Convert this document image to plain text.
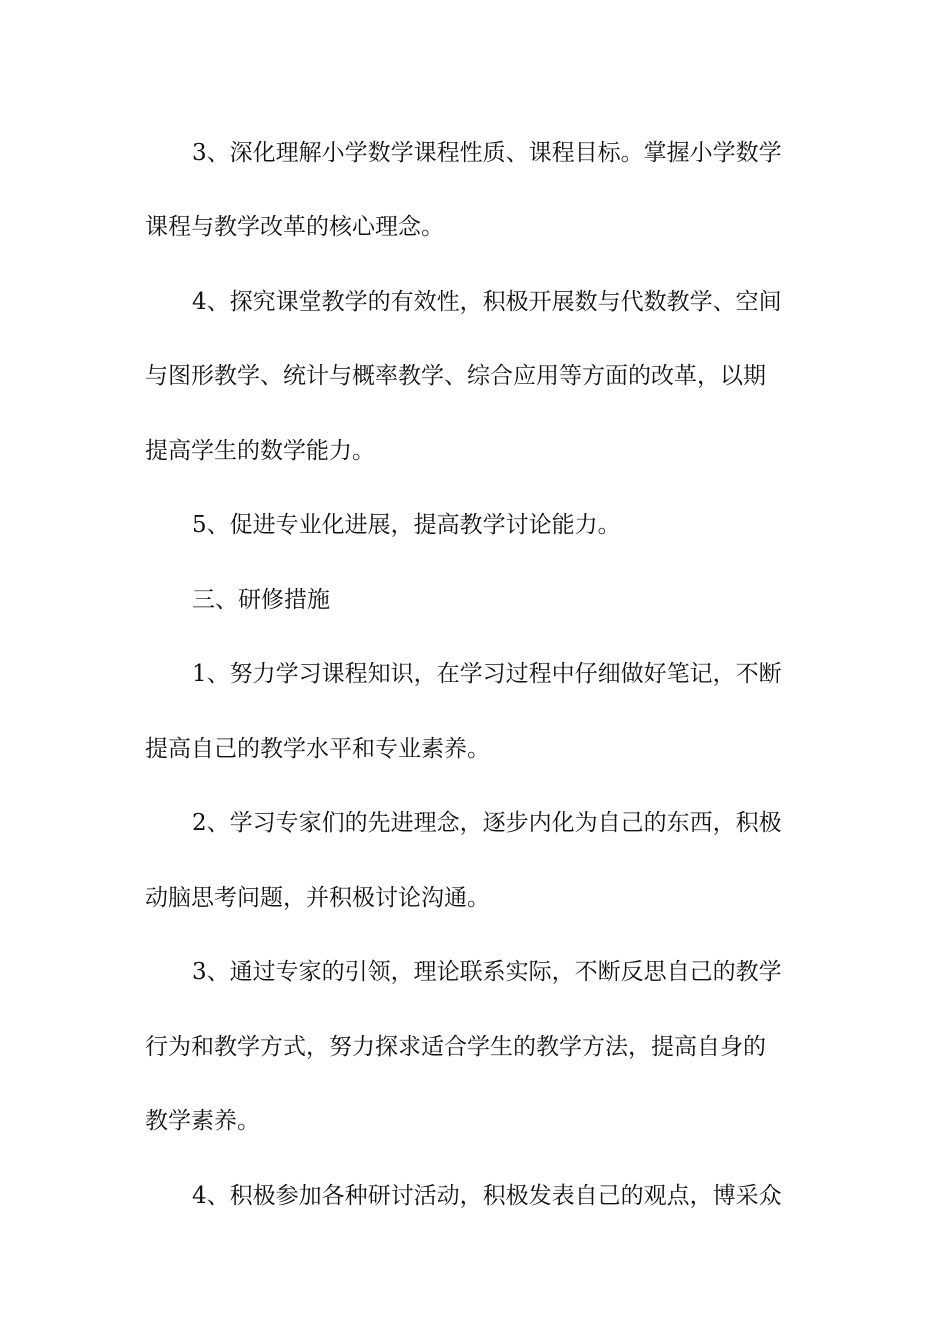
3、深化理解小学数学课程性质、课程目标。掌握小学数学
课程与教学改革的核心理念。
4、探究课堂教学的有效性，积极开展数与代数教学、空间
与图形教学、统计与概率教学、综合应用等方面的改革，以期
提高学生的数学能力。
5、促进专业化进展，提高教学讨论能力。
三、研修措施
1、努力学习课程知识，在学习过程中仔细做好笔记，不断
提高自己的教学水平和专业素养。
2、学习专家们的先进理念，逐步内化为自己的东西，积极
动脑思考问题，并积极讨论沟通。
3、通过专家的引领，理论联系实际，不断反思自己的教学
行为和教学方式，努力探求适合学生的教学方法，提高自身的
教学素养。
4、积极参加各种研讨活动，积极发表自己的观点，博采众
